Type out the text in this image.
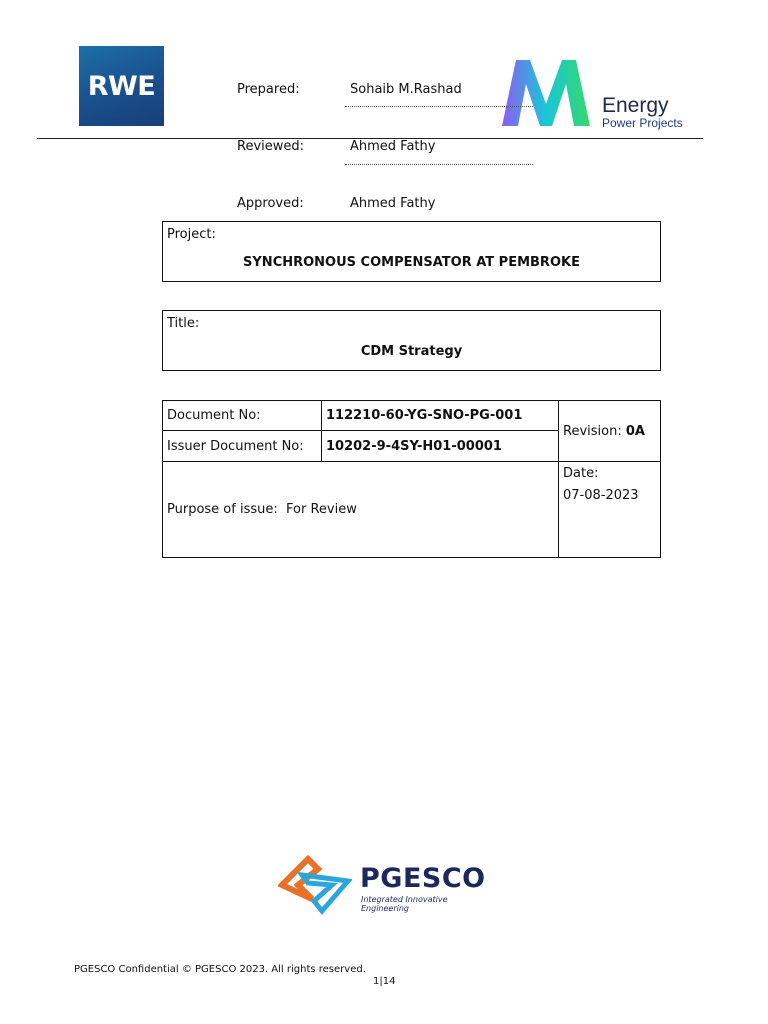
RWE
Energy
Power Projects
Prepared:	Sohaib M.Rashad
Reviewed:	Ahmed Fathy
Approved:	Ahmed Fathy
Project:
SYNCHRONOUS COMPENSATOR AT PEMBROKE
Title:
CDM Strategy
Document No:	112210-60-YG-SNO-PG-001	Revision: 0A
Issuer Document No:	10202-9-4SY-H01-00001	
Purpose of issue: For Review		Date:
07-08-2023
PGESCO
Integrated Innovative Engineering
PGESCO Confidential © PGESCO 2023. All rights reserved.
1|14
